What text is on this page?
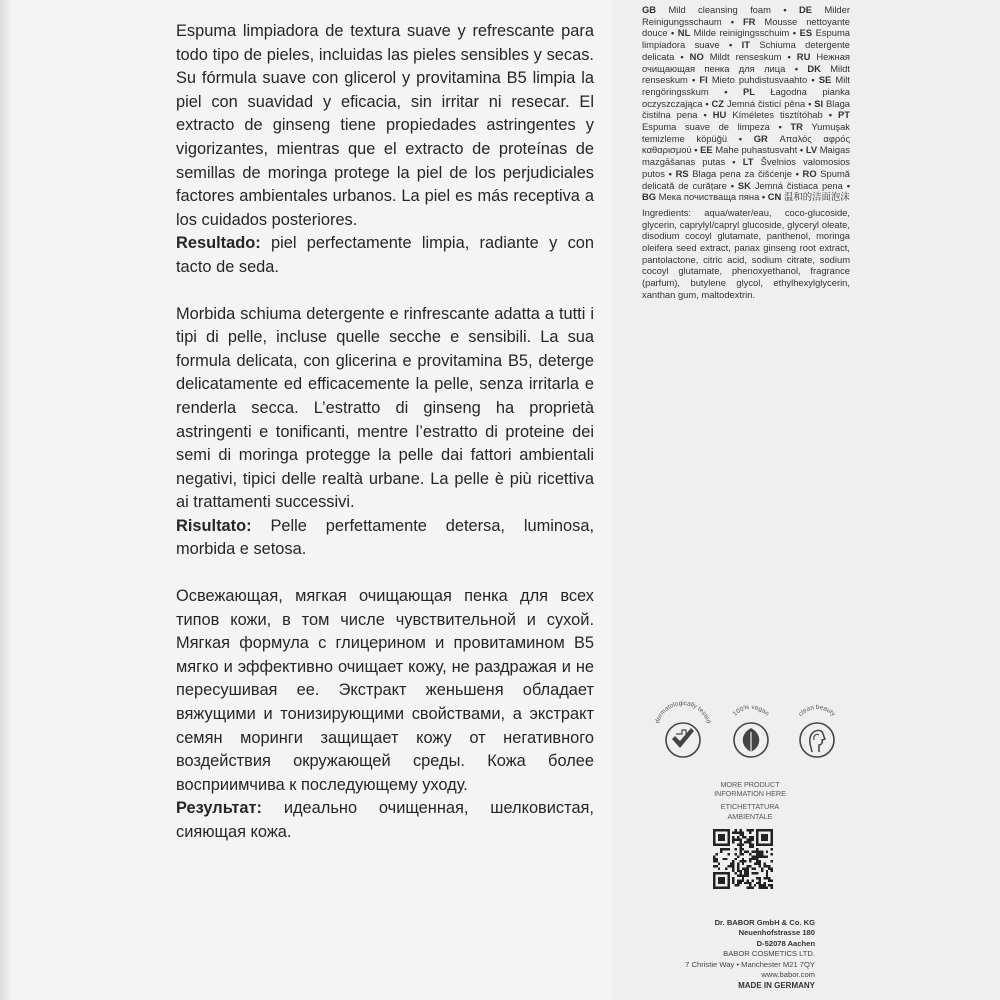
Espuma limpiadora de textura suave y refrescante para todo tipo de pieles, incluidas las pieles sensibles y secas. Su fórmula suave con glicerol y provitamina B5 limpia la piel con suavidad y eficacia, sin irritar ni resecar. El extracto de ginseng tiene propiedades astringentes y vigorizantes, mientras que el extracto de proteínas de semillas de moringa protege la piel de los perjudiciales factores ambientales urbanos. La piel es más receptiva a los cuidados posteriores.

Resultado: piel perfectamente limpia, radiante y con tacto de seda.

Morbida schiuma detergente e rinfrescante adatta a tutti i tipi di pelle, incluse quelle secche e sensibili. La sua formula delicata, con glicerina e provitamina B5, deterge delicatamente ed efficacemente la pelle, senza irritarla e renderla secca. L’estratto di ginseng ha proprietà astringenti e tonificanti, mentre l’estratto di proteine dei semi di moringa protegge la pelle dai fattori ambientali negativi, tipici delle realtà urbane. La pelle è più ricettiva ai trattamenti successivi.

Risultato: Pelle perfettamente detersa, luminosa, morbida e setosa.

Освежающая, мягкая очищающая пенка для всех типов кожи, в том числе чувствительной и сухой. Мягкая формула с глицерином и провитамином B5 мягко и эффективно очищает кожу, не раздражая и не пересушивая ее. Экстракт женьшеня обладает вяжущими и тонизирующими свойствами, а экстракт семян моринги защищает кожу от негативного воздействия окружающей среды. Кожа более восприимчива к последующему уходу.

Результат: идеально очищенная, шелковистая, сияющая кожа.

GB Mild cleansing foam • DE Milder Reinigungsschaum • FR Mousse nettoyante douce • NL Milde reinigingsschuim • ES Espuma limpiadora suave • IT Schiuma detergente delicata • NO Mildt renseskum • RU Нежная очищающая пенка для лица • DK Mildt renseskum • FI Mieto puhdistusvaahto • SE Milt rengöringsskum • PL Łagodna pianka oczyszczająca • CZ Jemná čisticí pěna • SI Blaga čistilna pena • HU Kíméletes tisztítóhab • PT Espuma suave de limpeza • TR Yumuşak temizleme köpüğü • GR Απαλός αφρός καθαρισμού • EE Mahe puhastusvaht • LV Maigas mazgāšanas putas • LT Švelnios valomosios putos • RS Blaga pena za čišćenje • RO Spumă delicată de curățare • SK Jemná čistiaca pena • BG Мека почистваща пяна • CN 温和的洁面泡沫
Ingredients: aqua/water/eau, coco-glucoside, glycerin, caprylyl/capryl glucoside, glyceryl oleate, disodium cocoyl glutamate, panthenol, moringa oleifera seed extract, panax ginseng root extract, pantolactone, citric acid, sodium citrate, sodium cocoyl glutamate, phenoxyethanol, fragrance (parfum), butylene glycol, ethylhexylglycerin, xanthan gum, maltodextrin.
dermatologically tested
100% vegan	clean beauty
MORE PRODUCT
INFORMATION HERE
ETICHETTATURA
AMBIENTALE
Dr. BABOR GmbH & Co. KG
Neuenhofstrasse 180
D-52078 Aachen
BABOR COSMETICS LTD.
7 Christie Way • Manchester M21 7QY
www.babor.com
MADE IN GERMANY
